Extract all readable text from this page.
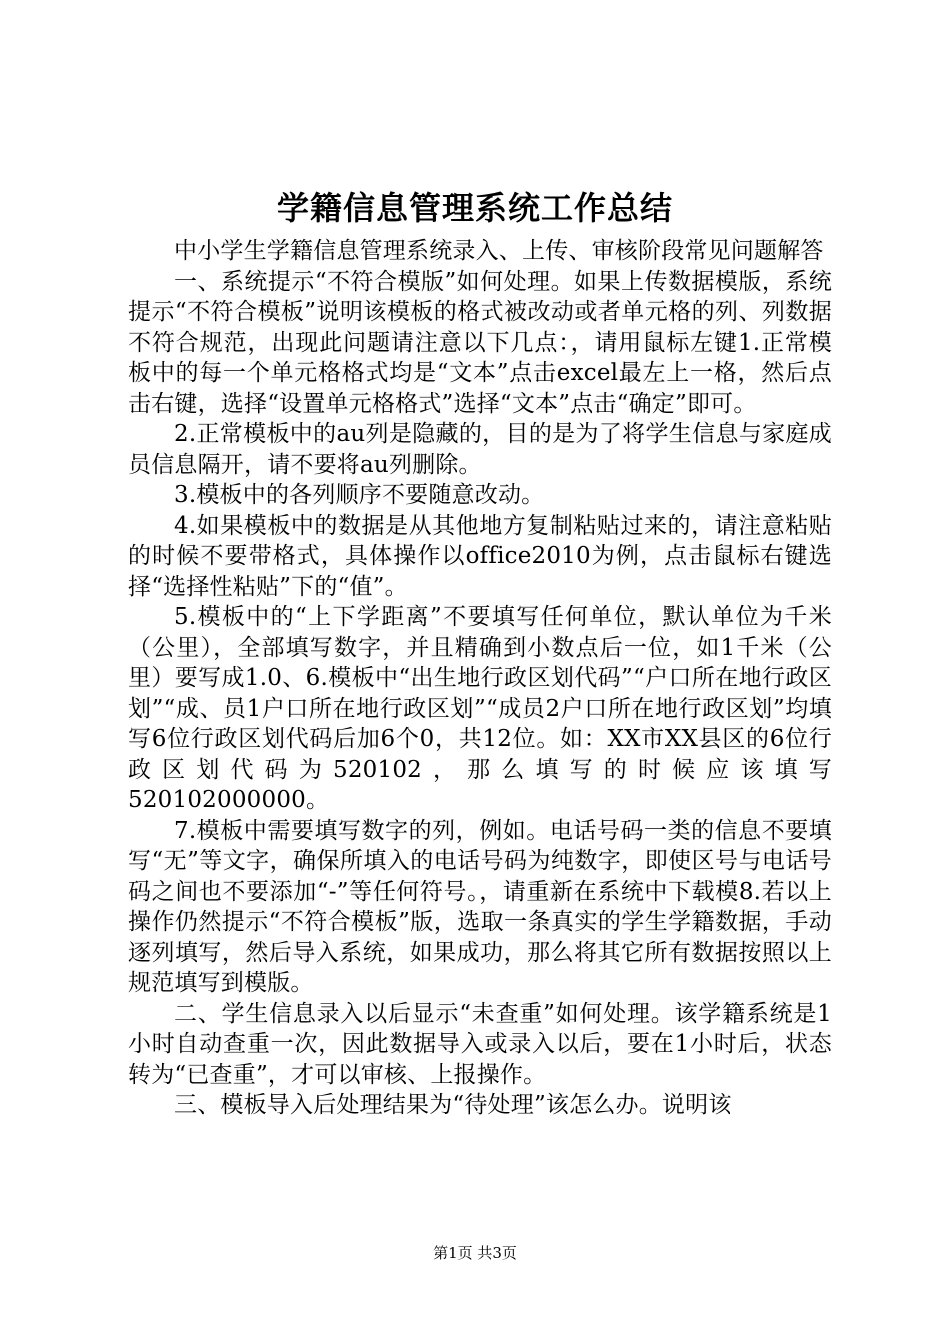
学籍信息管理系统工作总结

中小学生学籍信息管理系统录入、上传、审核阶段常见问题解答

一、系统提示“不符合模版”如何处理。如果上传数据模版，系统提示“不符合模板”说明该模板的格式被改动或者单元格的列、列数据不符合规范，出现此问题请注意以下几点：，请用鼠标左键1.正常模板中的每一个单元格格式均是“文本”点击excel最左上一格，然后点击右键，选择“设置单元格格式”选择“文本”点击“确定”即可。

2.正常模板中的au列是隐藏的，目的是为了将学生信息与家庭成员信息隔开，请不要将au列删除。

3.模板中的各列顺序不要随意改动。

4.如果模板中的数据是从其他地方复制粘贴过来的，请注意粘贴的时候不要带格式，具体操作以office2010为例，点击鼠标右键选择“选择性粘贴”下的“值”。

5.模板中的“上下学距离”不要填写任何单位，默认单位为千米（公里），全部填写数字，并且精确到小数点后一位，如1千米（公里）要写成1.0、6.模板中“出生地行政区划代码”“户口所在地行政区划”“成、员1户口所在地行政区划”“成员2户口所在地行政区划”均填写6位行政区划代码后加6个0，共12位。如：XX市XX县区的6位行政区划代码为520102，那么填写的时候应该填写520102000000。

7.模板中需要填写数字的列，例如。电话号码一类的信息不要填写“无”等文字，确保所填入的电话号码为纯数字，即使区号与电话号码之间也不要添加“-”等任何符号。，请重新在系统中下载模8.若以上操作仍然提示“不符合模板”版，选取一条真实的学生学籍数据，手动逐列填写，然后导入系统，如果成功，那么将其它所有数据按照以上规范填写到模版。

二、学生信息录入以后显示“未查重”如何处理。该学籍系统是1小时自动查重一次，因此数据导入或录入以后，要在1小时后，状态转为“已查重”，才可以审核、上报操作。

三、模板导入后处理结果为“待处理”该怎么办。说明该

第1页 共3页
